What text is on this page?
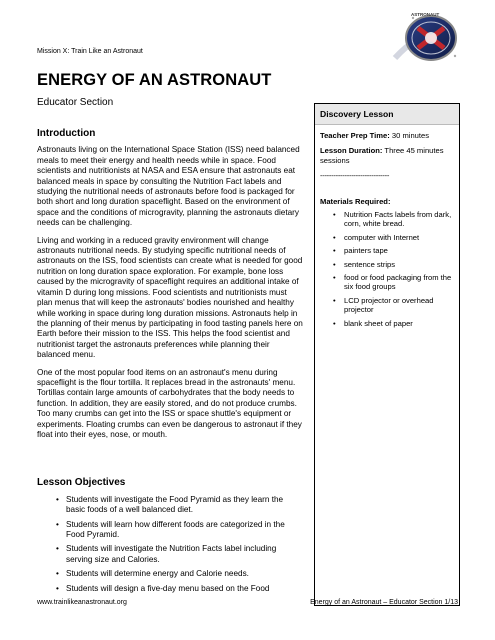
Mission X: Train Like an Astronaut
ASTRONAUT
ENERGY OF AN ASTRONAUT
Educator Section
Introduction

Astronauts living on the International Space Station (ISS) need balanced meals to meet their energy and health needs while in space. Food scientists and nutritionists at NASA and ESA ensure that astronauts eat balanced meals in space by consulting the Nutrition Fact labels and studying the nutritional needs of astronauts before food is packaged for both short and long duration spaceflight. Based on the environment of space and the conditions of microgravity, planning the astronauts dietary needs can be challenging.

Living and working in a reduced gravity environment will change astronauts nutritional needs. By studying specific nutritional needs of astronauts on the ISS, food scientists can create what is needed for good nutrition on long duration space exploration. For example, bone loss caused by the microgravity of spaceflight requires an additional intake of vitamin D during long missions. Food scientists and nutritionists must plan menus that will keep the astronauts' bodies nourished and healthy while working in space during long duration missions. Astronauts help in the planning of their menus by participating in food tasting panels here on Earth before their mission to the ISS. This helps the food scientist and nutritionist target the astronauts preferences while planning their balanced menu.

One of the most popular food items on an astronaut's menu during spaceflight is the flour tortilla. It replaces bread in the astronauts' menu. Tortillas contain large amounts of carbohydrates that the body needs to function. In addition, they are easily stored, and do not produce crumbs. Too many crumbs can get into the ISS or space shuttle's equipment or experiments. Floating crumbs can even be dangerous to astronaut if they float into their eyes, nose, or mouth.

Lesson Objectives
• Students will investigate the Food Pyramid as they learn the basic foods of a well balanced diet.
• Students will learn how different foods are categorized in the Food Pyramid.
• Students will investigate the Nutrition Facts label including serving size and Calories.
• Students will determine energy and Calorie needs.
• Students will design a five-day menu based on the Food
Discovery Lesson

Teacher Prep Time: 30 minutes

Lesson Duration: Three 45 minutes sessions

-------------------------------

Materials Required:
• Nutrition Facts labels from dark, corn, white bread.
• computer with Internet
• painters tape
• sentence strips
• food or food packaging from the six food groups
• LCD projector or overhead projector
• blank sheet of paper
www.trainlikeanastronaut.org	Energy of an Astronaut – Educator Section 1/13
